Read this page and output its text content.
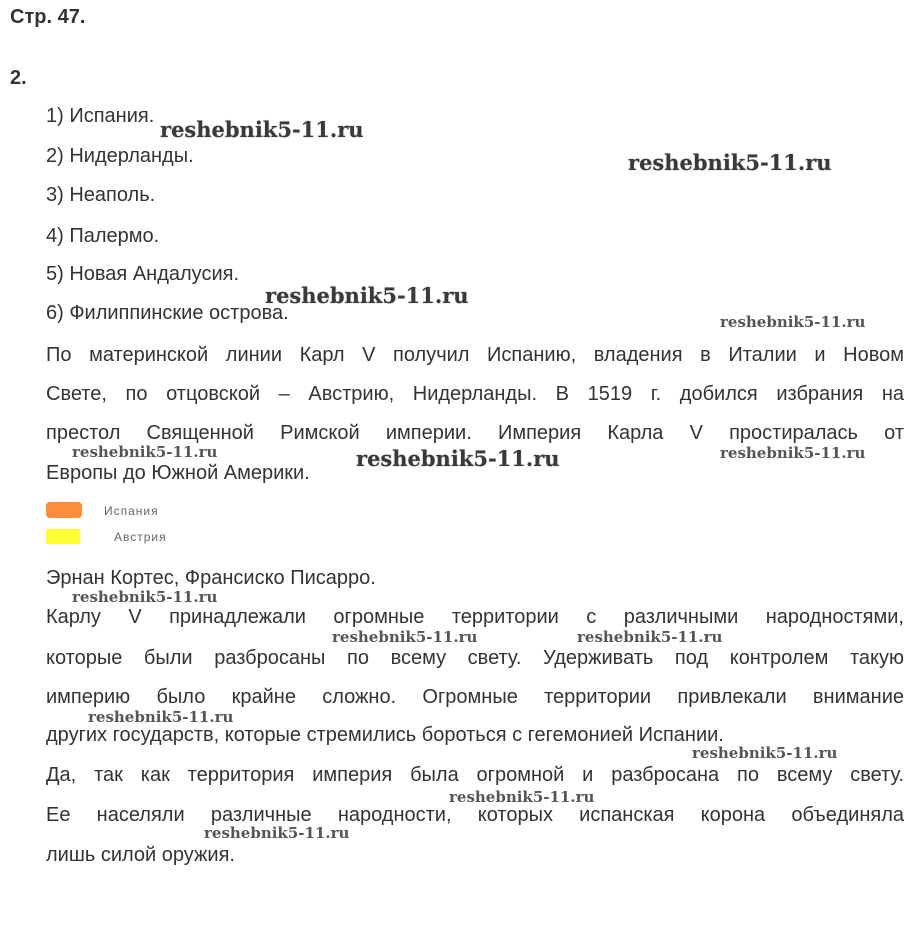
Стр. 47.
2.
1) Испания.
2) Нидерланды.
3) Неаполь.
4) Палермо.
5) Новая Андалусия.
6) Филиппинские острова.
По материнской линии Карл V получил Испанию, владения в Италии и Новом
Свете, по отцовской – Австрию, Нидерланды. В 1519 г. добился избрания на
престол Священной Римской империи. Империя Карла V простиралась от
Европы до Южной Америки.
Испания
Австрия
Эрнан Кортес, Франсиско Писарро.
Карлу V принадлежали огромные территории с различными народностями,
которые были разбросаны по всему свету. Удерживать под контролем такую
империю было крайне сложно. Огромные территории привлекали внимание
других государств, которые стремились бороться с гегемонией Испании.
Да, так как территория империя была огромной и разбросана по всему свету.
Ее населяли различные народности, которых испанская корона объединяла
лишь силой оружия.
reshebnik5-11.ru
reshebnik5-11.ru
reshebnik5-11.ru
reshebnik5-11.ru
reshebnik5-11.ru	reshebnik5-11.ru	reshebnik5-11.ru
reshebnik5-11.ru
reshebnik5-11.ru	reshebnik5-11.ru
reshebnik5-11.ru
reshebnik5-11.ru
reshebnik5-11.ru
reshebnik5-11.ru
